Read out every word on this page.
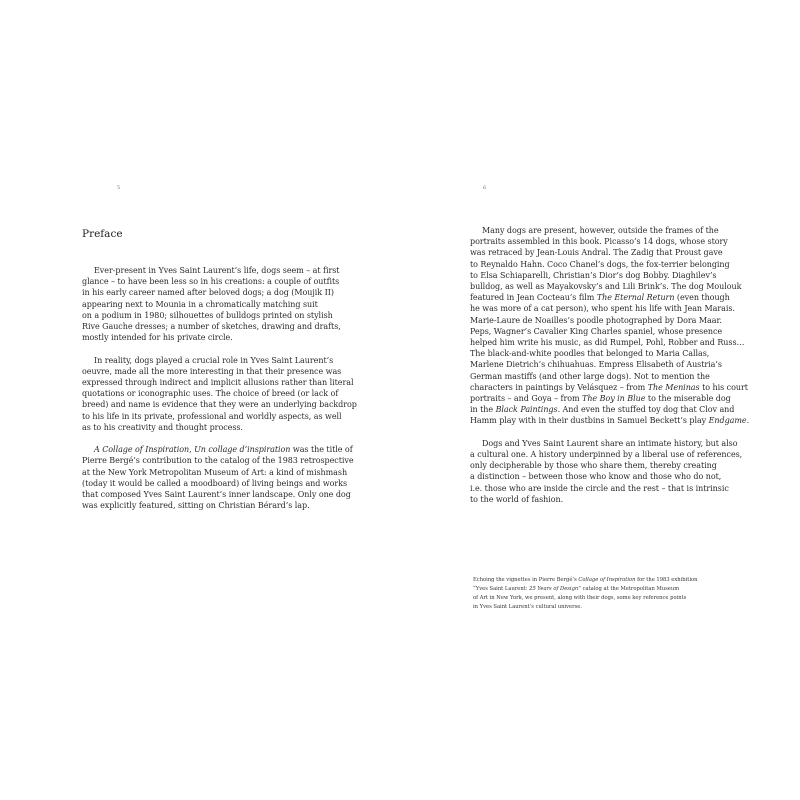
5
Preface

Ever-present in Yves Saint Laurent’s life, dogs seem – at first
glance – to have been less so in his creations: a couple of outfits
in his early career named after beloved dogs; a dog (Moujik II)
appearing next to Mounia in a chromatically matching suit
on a podium in 1980; silhouettes of bulldogs printed on stylish
Rive Gauche dresses; a number of sketches, drawing and drafts,
mostly intended for his private circle.

In reality, dogs played a crucial role in Yves Saint Laurent’s
oeuvre, made all the more interesting in that their presence was
expressed through indirect and implicit allusions rather than literal
quotations or iconographic uses. The choice of breed (or lack of
breed) and name is evidence that they were an underlying backdrop
to his life in its private, professional and worldly aspects, as well
as to his creativity and thought process.

A Collage of Inspiration, Un collage d’inspiration was the title of
Pierre Bergé’s contribution to the catalog of the 1983 retrospective
at the New York Metropolitan Museum of Art: a kind of mishmash
(today it would be called a moodboard) of living beings and works
that composed Yves Saint Laurent’s inner landscape. Only one dog
was explicitly featured, sitting on Christian Bérard’s lap.

6

Many dogs are present, however, outside the frames of the
portraits assembled in this book. Picasso’s 14 dogs, whose story
was retraced by Jean-Louis Andral. The Zadig that Proust gave
to Reynaldo Hahn. Coco Chanel’s dogs, the fox-terrier belonging
to Elsa Schiaparelli, Christian’s Dior’s dog Bobby. Diaghilev’s
bulldog, as well as Mayakovsky’s and Lili Brink’s. The dog Moulouk
featured in Jean Cocteau’s film The Eternal Return (even though
he was more of a cat person), who spent his life with Jean Marais.
Marie-Laure de Noailles’s poodle photographed by Dora Maar.
Peps, Wagner’s Cavalier King Charles spaniel, whose presence
helped him write his music, as did Rumpel, Pohl, Robber and Russ…
The black-and-white poodles that belonged to Maria Callas,
Marlene Dietrich’s chihuahuas. Empress Elisabeth of Austria’s
German mastiffs (and other large dogs). Not to mention the
characters in paintings by Velásquez – from The Meninas to his court
portraits – and Goya – from The Boy in Blue to the miserable dog
in the Black Paintings. And even the stuffed toy dog that Clov and
Hamm play with in their dustbins in Samuel Beckett’s play Endgame.

Dogs and Yves Saint Laurent share an intimate history, but also
a cultural one. A history underpinned by a liberal use of references,
only decipherable by those who share them, thereby creating
a distinction – between those who know and those who do not,
i.e. those who are inside the circle and the rest – that is intrinsic
to the world of fashion.

Echoing the vignettes in Pierre Bergé’s Collage of Inspiration for the 1983 exhibition
“Yves Saint Laurent: 25 Years of Design” catalog at the Metropolitan Museum
of Art in New York, we present, along with their dogs, some key reference points
in Yves Saint Laurent’s cultural universe.
